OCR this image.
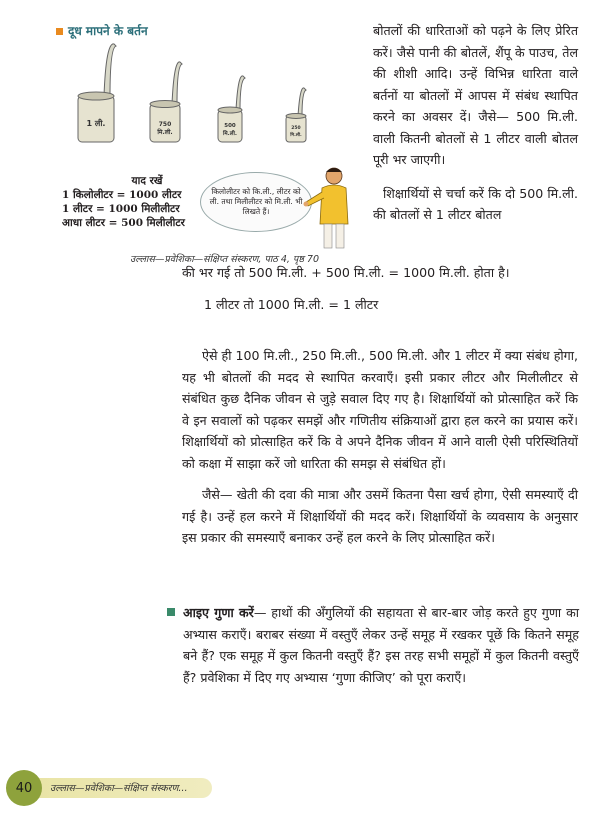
दूध मापने के बर्तन
1 ली.	750
मि.ली.
500
मि.ली.
250
मि.ली.
याद रखें
1 किलोलीटर = 1000 लीटर
1 लीटर = 1000 मिलीलीटर
आधा लीटर = 500 मिलीलीटर
किलोलीटर को कि.ली., लीटर को ली. तथा मिलीलीटर को मि.ली. भी लिखते हैं।
उल्लास—प्रवेशिका—संक्षिप्त संस्करण, पाठ 4, पृष्ठ 70

बोतलों की धारिताओं को पढ़ने के लिए प्रेरित करें। जैसे पानी की बोतलें, शैंपू के पाउच, तेल की शीशी आदि। उन्हें विभिन्न धारिता वाले बर्तनों या बोतलों में आपस में संबंध स्थापित करने का अवसर दें। जैसे— 500 मि.ली. वाली कितनी बोतलों से 1 लीटर वाली बोतल पूरी भर जाएगी।

शिक्षार्थियों से चर्चा करें कि दो 500 मि.ली. की बोतलों से 1 लीटर बोतल

की भर गई तो 500 मि.ली. + 500 मि.ली. = 1000 मि.ली. होता है।

1 लीटर तो 1000 मि.ली. = 1 लीटर

ऐसे ही 100 मि.ली., 250 मि.ली., 500 मि.ली. और 1 लीटर में क्या संबंध होगा, यह भी बोतलों की मदद से स्थापित करवाएँ। इसी प्रकार लीटर और मिलीलीटर से संबंधित कुछ दैनिक जीवन से जुड़े सवाल दिए गए है। शिक्षार्थियों को प्रोत्साहित करें कि वे इन सवालों को पढ़कर समझें और गणितीय संक्रियाओं द्वारा हल करने का प्रयास करें। शिक्षार्थियों को प्रोत्साहित करें कि वे अपने दैनिक जीवन में आने वाली ऐसी परिस्थितियों को कक्षा में साझा करें जो धारिता की समझ से संबंधित हों।

जैसे— खेती की दवा की मात्रा और उसमें कितना पैसा खर्च होगा, ऐसी समस्याएँ दी गई है। उन्हें हल करने में शिक्षार्थियों की मदद करें। शिक्षार्थियों के व्यवसाय के अनुसार इस प्रकार की समस्याएँ बनाकर उन्हें हल करने के लिए प्रोत्साहित करें।

आइए गुणा करें— हाथों की अँगुलियों की सहायता से बार-बार जोड़ करते हुए गुणा का अभ्यास कराएँ। बराबर संख्या में वस्तुएँ लेकर उन्हें समूह में रखकर पूछें कि कितने समूह बने हैं? एक समूह में कुल कितनी वस्तुएँ हैं? इस तरह सभी समूहों में कुल कितनी वस्तुएँ हैं? प्रवेशिका में दिए गए अभ्यास ‘गुणा कीजिए’ को पूरा कराएँ।

40	उल्लास—प्रवेशिका—संक्षिप्त संस्करण...
